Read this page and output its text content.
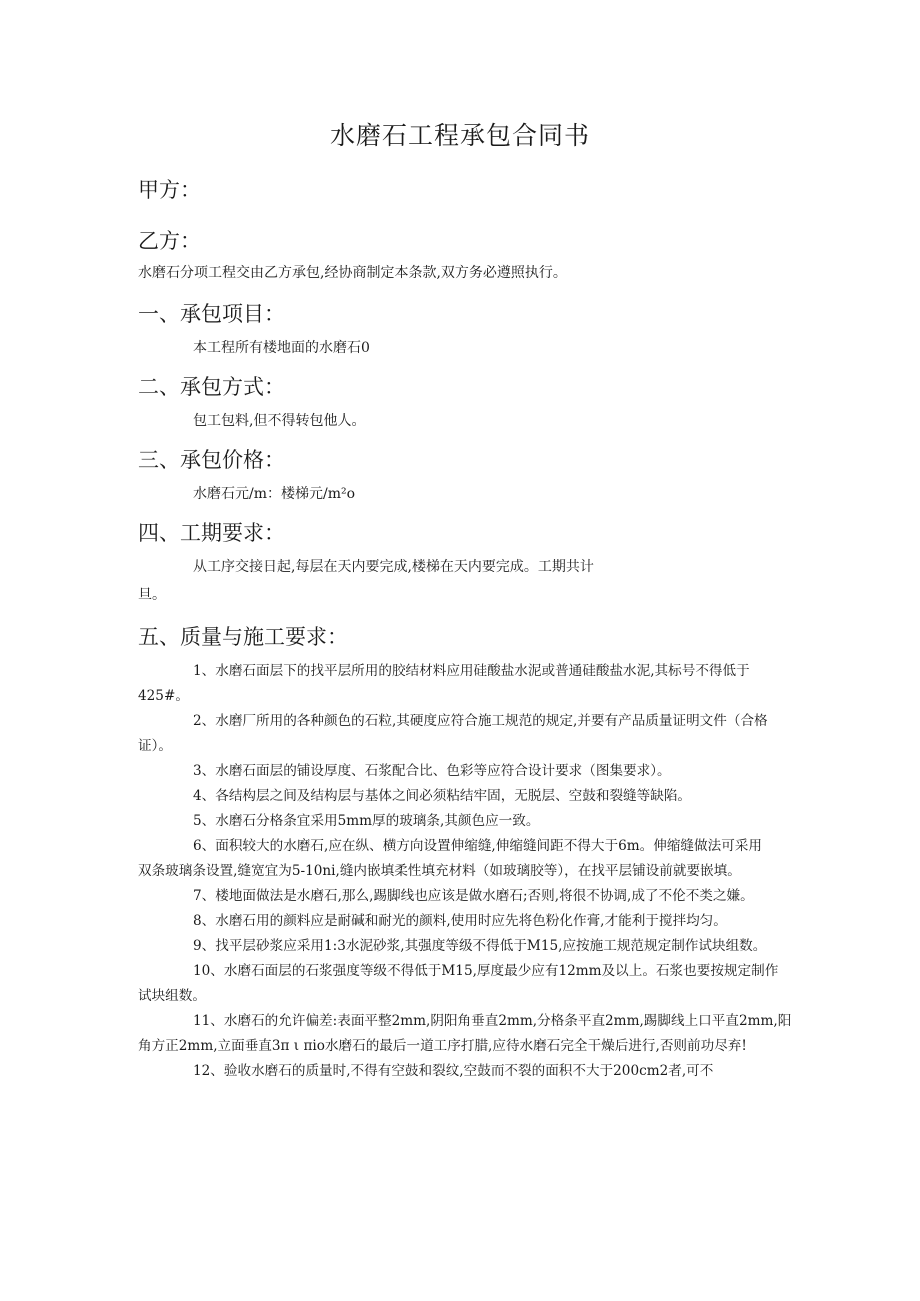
水磨石工程承包合同书
甲方：
乙方：
水磨石分项工程交由乙方承包,经协商制定本条款,双方务必遵照执行。
一、承包项目：
本工程所有楼地面的水磨石0
二、承包方式：
包工包料,但不得转包他人。
三、承包价格：
水磨石元/m：楼梯元/m²o
四、工期要求：
从工序交接日起,每层在天内要完成,楼梯在天内要完成。工期共计
旦。
五、质量与施工要求：
1、水磨石面层下的找平层所用的胶结材料应用硅酸盐水泥或普通硅酸盐水泥,其标号不得低于
425#。
2、水磨厂所用的各种颜色的石粒,其硬度应符合施工规范的规定,并要有产品质量证明文件（合格
证）。
3、水磨石面层的铺设厚度、石浆配合比、色彩等应符合设计要求（图集要求）。
4、各结构层之间及结构层与基体之间必须粘结牢固，无脱层、空鼓和裂缝等缺陷。
5、水磨石分格条宜采用5mm厚的玻璃条,其颜色应一致。
6、面积较大的水磨石,应在纵、横方向设置伸缩缝,伸缩缝间距不得大于6m。伸缩缝做法可采用
双条玻璃条设置,缝宽宜为5-10ni,缝内嵌填柔性填充材料（如玻璃胶等），在找平层铺设前就要嵌填。
7、楼地面做法是水磨石,那么,踢脚线也应该是做水磨石;否则,将很不协调,成了不伦不类之嫌。
8、水磨石用的颜料应是耐碱和耐光的颜料,使用时应先将色粉化作膏,才能利于搅拌均匀。
9、找平层砂浆应采用1:3水泥砂浆,其强度等级不得低于M15,应按施工规范规定制作试块组数。
10、水磨石面层的石浆强度等级不得低于M15,厚度最少应有12mm及以上。石浆也要按规定制作
试块组数。
11、水磨石的允许偏差:表面平整2mm,阴阳角垂直2mm,分格条平直2mm,踢脚线上口平直2mm,阳
角方正2mm,立面垂直3π ι πio水磨石的最后一道工序打腊,应待水磨石完全干燥后进行,否则前功尽弃!
12、验收水磨石的质量时,不得有空鼓和裂纹,空鼓而不裂的面积不大于200cm2者,可不
